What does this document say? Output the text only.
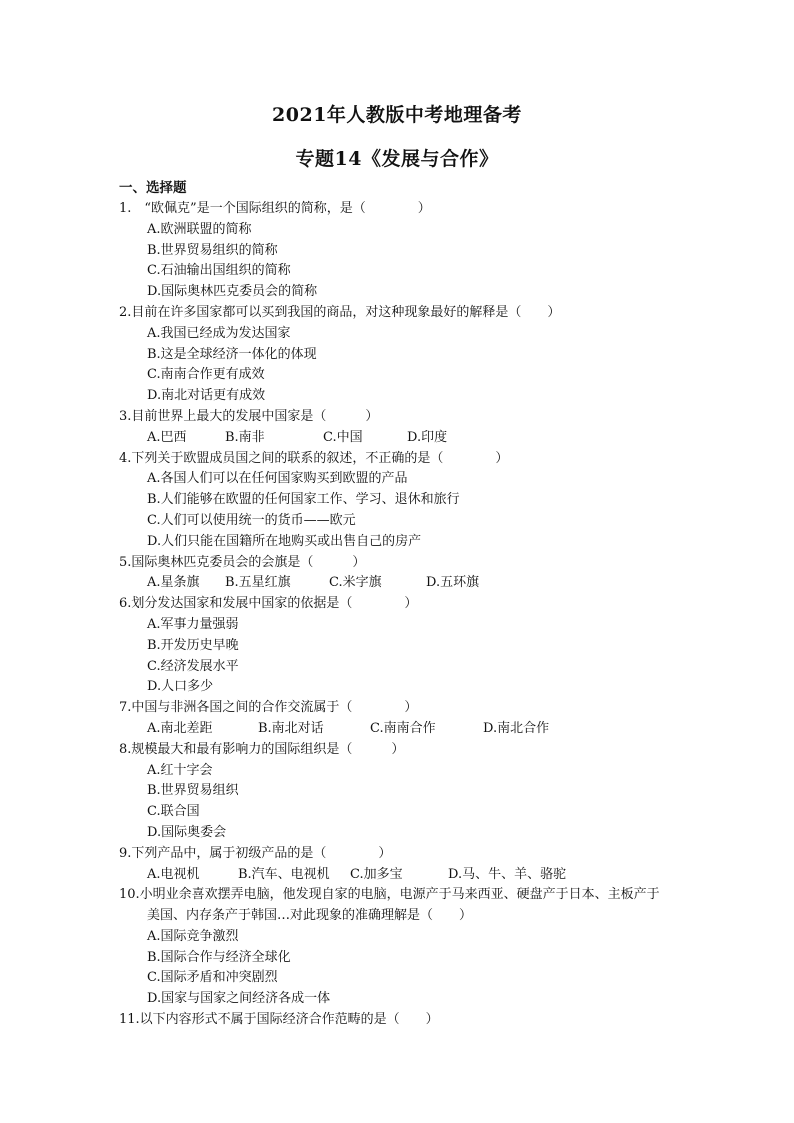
2021年人教版中考地理备考
专题14《发展与合作》
一、选择题
1.　“欧佩克”是一个国际组织的简称，是（　　　　）
A.欧洲联盟的简称
B.世界贸易组织的简称
C.石油输出国组织的简称
D.国际奥林匹克委员会的简称
2.目前在许多国家都可以买到我国的商品，对这种现象最好的解释是（　　）
A.我国已经成为发达国家
B.这是全球经济一体化的体现
C.南南合作更有成效
D.南北对话更有成效
3.目前世界上最大的发展中国家是（　　　）
A.巴西	B.南非	C.中国	D.印度
4.下列关于欧盟成员国之间的联系的叙述，不正确的是（　　　　）
A.各国人们可以在任何国家购买到欧盟的产品
B.人们能够在欧盟的任何国家工作、学习、退休和旅行
C.人们可以使用统一的货币——欧元
D.人们只能在国籍所在地购买或出售自己的房产
5.国际奥林匹克委员会的会旗是（　　　）
A.星条旗 B.五星红旗	C.米字旗	D.五环旗
6.划分发达国家和发展中国家的依据是（　　　　）
A.军事力量强弱
B.开发历史早晚
C.经济发展水平
D.人口多少
7.中国与非洲各国之间的合作交流属于（　　　　）
A.南北差距	B.南北对话	C.南南合作	D.南北合作
8.规模最大和最有影响力的国际组织是（　　　）
A.红十字会
B.世界贸易组织
C.联合国
D.国际奥委会
9.下列产品中，属于初级产品的是（　　　　）
A.电视机	B.汽车、电视机 C.加多宝	D.马、牛、羊、骆驼
10.小明业余喜欢摆弄电脑，他发现自家的电脑，电源产于马来西亚、硬盘产于日本、主板产于
美国、内存条产于韩国…对此现象的准确理解是（　　）
A.国际竞争激烈
B.国际合作与经济全球化
C.国际矛盾和冲突剧烈
D.国家与国家之间经济各成一体
11.以下内容形式不属于国际经济合作范畴的是（　　）
